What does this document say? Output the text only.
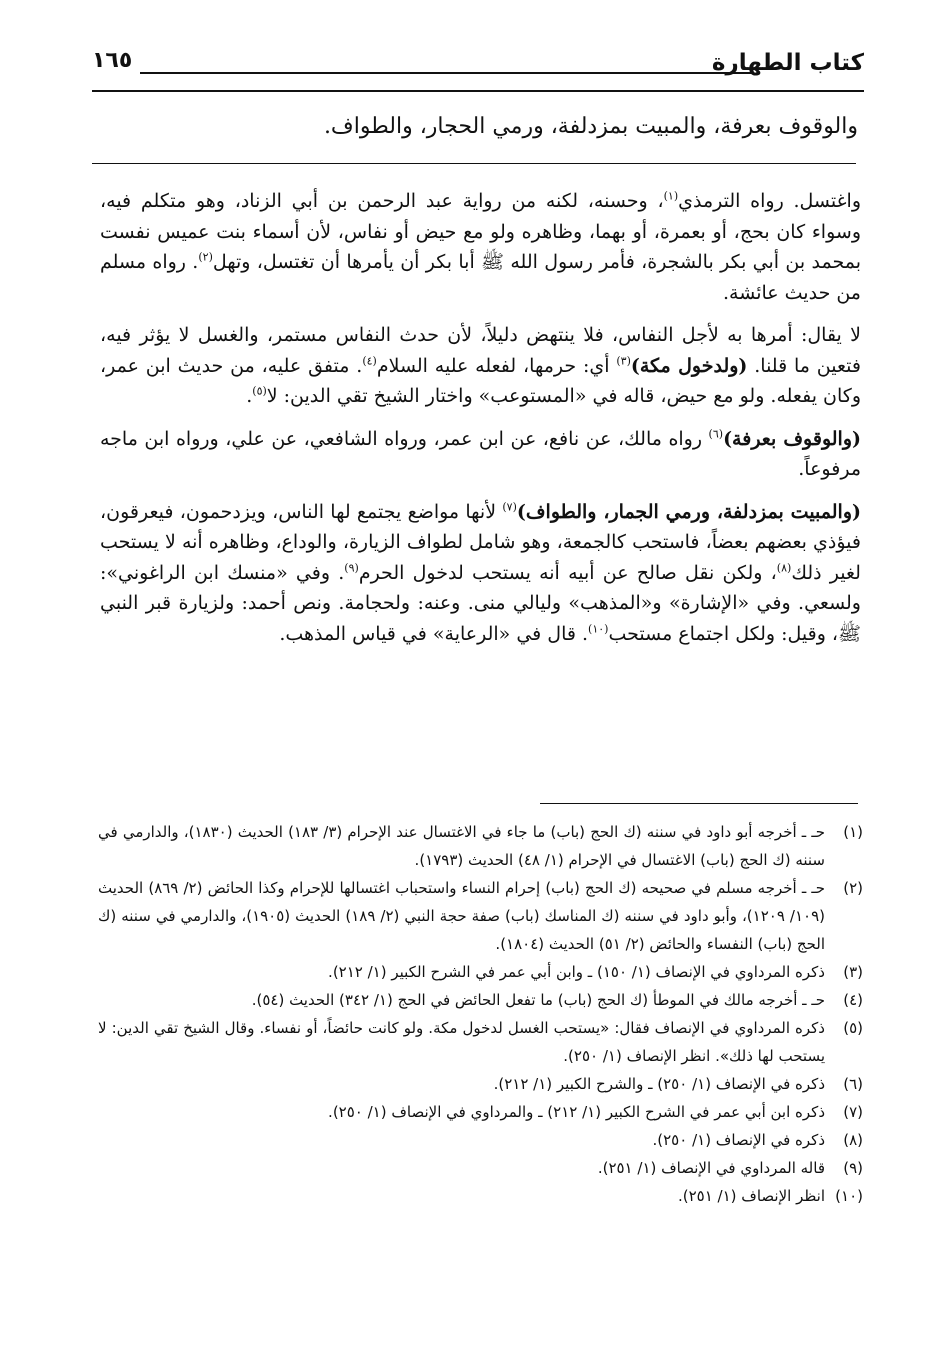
كتاب الطهارة
١٦٥
والوقوف بعرفة، والمبيت بمزدلفة، ورمي الحجار، والطواف.

واغتسل. رواه الترمذي$^{(١)}$، وحسنه، لكنه من رواية عبد الرحمن بن أبي الزناد، وهو متكلم فيه، وسواء كان بحج، أو بعمرة، أو بهما، وظاهره ولو مع حيض أو نفاس، لأن أسماء بنت عميس نفست بمحمد بن أبي بكر بالشجرة، فأمر رسول الله ﷺ أبا بكر أن يأمرها أن تغتسل، وتهل$^{(٢)}$. رواه مسلم من حديث عائشة.

لا يقال: أمرها به لأجل النفاس، فلا ينتهض دليلاً، لأن حدث النفاس مستمر، والغسل لا يؤثر فيه، فتعين ما قلنا. (ولدخول مكة)$^{(٣)}$ أي: حرمها، لفعله عليه السلام$^{(٤)}$. متفق عليه، من حديث ابن عمر، وكان يفعله. ولو مع حيض، قاله في «المستوعب» واختار الشيخ تقي الدين: لا$^{(٥)}$.

(والوقوف بعرفة)$^{(٦)}$ رواه مالك، عن نافع، عن ابن عمر، ورواه الشافعي، عن علي، ورواه ابن ماجه مرفوعاً.

(والمبيت بمزدلفة، ورمي الجمار، والطواف)$^{(٧)}$ لأنها مواضع يجتمع لها الناس، ويزدحمون، فيعرقون، فيؤذي بعضهم بعضاً، فاستحب كالجمعة، وهو شامل لطواف الزيارة، والوداع، وظاهره أنه لا يستحب لغير ذلك$^{(٨)}$، ولكن نقل صالح عن أبيه أنه يستحب لدخول الحرم$^{(٩)}$. وفي «منسك ابن الراغوني»: ولسعي. وفي «الإشارة» و«المذهب» وليالي منى. وعنه: ولحجامة. ونص أحمد: ولزيارة قبر النبي ﷺ، وقيل: ولكل اجتماع مستحب$^{(١٠)}$. قال في «الرعاية» في قياس المذهب.

(١)
حـ ـ أخرجه أبو داود في سننه (ك الحج (باب) ما جاء في الاغتسال عند الإحرام (٣/ ١٨٣) الحديث (١٨٣٠)، والدارمي في سننه (ك الحج (باب) الاغتسال في الإحرام (١/ ٤٨) الحديث (١٧٩٣).
(٢)
حـ ـ أخرجه مسلم في صحيحه (ك الحج (باب) إحرام النساء واستحباب اغتسالها للإحرام وكذا الحائض (٢/ ٨٦٩) الحديث (١٠٩/ ١٢٠٩)، وأبو داود في سننه (ك المناسك (باب) صفة حجة النبي (٢/ ١٨٩) الحديث (١٩٠٥)، والدارمي في سننه (ك الحج (باب) النفساء والحائض (٢/ ٥١) الحديث (١٨٠٤).
(٣)
ذكره المرداوي في الإنصاف (١/ ١٥٠) ـ وابن أبي عمر في الشرح الكبير (١/ ٢١٢).
(٤)
حـ ـ أخرجه مالك في الموطأ (ك الحج (باب) ما تفعل الحائض في الحج (١/ ٣٤٢) الحديث (٥٤).
(٥)
ذكره المرداوي في الإنصاف فقال: «يستحب الغسل لدخول مكة. ولو كانت حائضاً، أو نفساء. وقال الشيخ تقي الدين: لا يستحب لها ذلك». انظر الإنصاف (١/ ٢٥٠).
(٦)
ذكره في الإنصاف (١/ ٢٥٠) ـ والشرح الكبير (١/ ٢١٢).
(٧)
ذكره ابن أبي عمر في الشرح الكبير (١/ ٢١٢) ـ والمرداوي في الإنصاف (١/ ٢٥٠).
(٨)
ذكره في الإنصاف (١/ ٢٥٠).
(٩)
قاله المرداوي في الإنصاف (١/ ٢٥١).
(١٠)
انظر الإنصاف (١/ ٢٥١).
